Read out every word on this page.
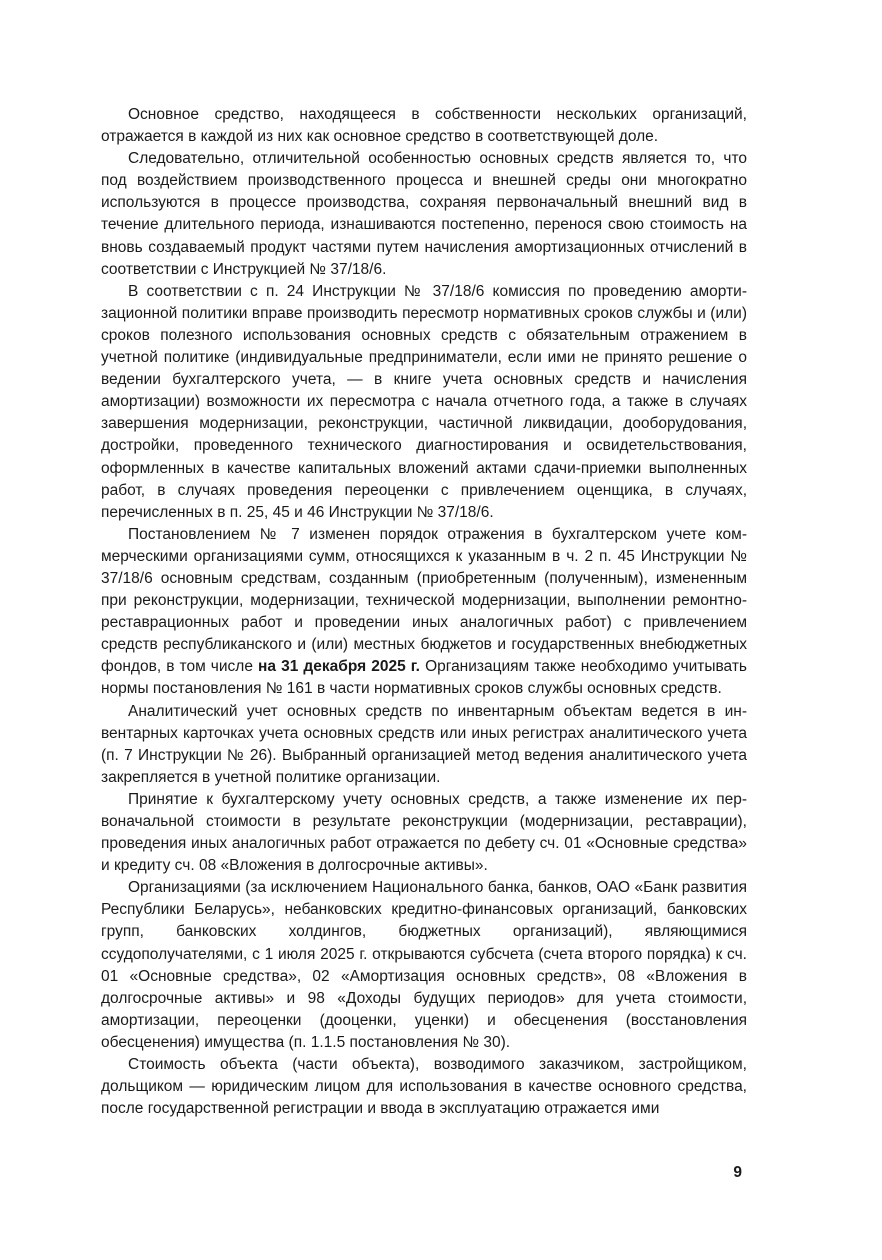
Основное средство, находящееся в собственности нескольких организаций, отражается в каждой из них как основное средство в соответствующей доле.

Следовательно, отличительной особенностью основных средств является то, что под воздействием производственного процесса и внешней среды они многократно используются в процессе производства, сохраняя первоначальный внешний вид в течение длительного периода, изнашиваются постепенно, перенося свою стоимость на вновь создаваемый продукт частями путем начисления амортизационных отчислений в соответствии с Инструкцией № 37/18/6.

В соответствии с п. 24 Инструкции № 37/18/6 комиссия по проведению амортизационной политики вправе производить пересмотр нормативных сроков службы и (или) сроков полезного использования основных средств с обязательным отражением в учетной политике (индивидуальные предприниматели, если ими не принято решение о ведении бухгалтерского учета, — в книге учета основных средств и начисления амортизации) возможности их пересмотра с начала отчетного года, а также в случаях завершения модернизации, реконструкции, частичной ликвидации, дооборудования, достройки, проведенного технического диагностирования и освидетельствования, оформленных в качестве капитальных вложений актами сдачи-приемки выполненных работ, в случаях проведения переоценки с привлечением оценщика, в случаях, перечисленных в п. 25, 45 и 46 Инструкции № 37/18/6.

Постановлением № 7 изменен порядок отражения в бухгалтерском учете коммерческими организациями сумм, относящихся к указанным в ч. 2 п. 45 Инструкции № 37/18/6 основным средствам, созданным (приобретенным (полученным), измененным при реконструкции, модернизации, технической модернизации, выполнении ремонтно-реставрационных работ и проведении иных аналогичных работ) с привлечением средств республиканского и (или) местных бюджетов и государственных внебюджетных фондов, в том числе на 31 декабря 2025 г. Организациям также необходимо учитывать нормы постановления № 161 в части нормативных сроков службы основных средств.

Аналитический учет основных средств по инвентарным объектам ведется в инвентарных карточках учета основных средств или иных регистрах аналитического учета (п. 7 Инструкции № 26). Выбранный организацией метод ведения аналитического учета закрепляется в учетной политике организации.

Принятие к бухгалтерскому учету основных средств, а также изменение их первоначальной стоимости в результате реконструкции (модернизации, реставрации), проведения иных аналогичных работ отражается по дебету сч. 01 «Основные средства» и кредиту сч. 08 «Вложения в долгосрочные активы».

Организациями (за исключением Национального банка, банков, ОАО «Банк развития Республики Беларусь», небанковских кредитно-финансовых организаций, банковских групп, банковских холдингов, бюджетных организаций), являющимися ссудополучателями, с 1 июля 2025 г. открываются субсчета (счета второго порядка) к сч. 01 «Основные средства», 02 «Амортизация основных средств», 08 «Вложения в долгосрочные активы» и 98 «Доходы будущих периодов» для учета стоимости, амортизации, переоценки (дооценки, уценки) и обесценения (восстановления обесценения) имущества (п. 1.1.5 постановления № 30).

Стоимость объекта (части объекта), возводимого заказчиком, застройщиком, дольщиком — юридическим лицом для использования в качестве основного средства, после государственной регистрации и ввода в эксплуатацию отражается ими

9
